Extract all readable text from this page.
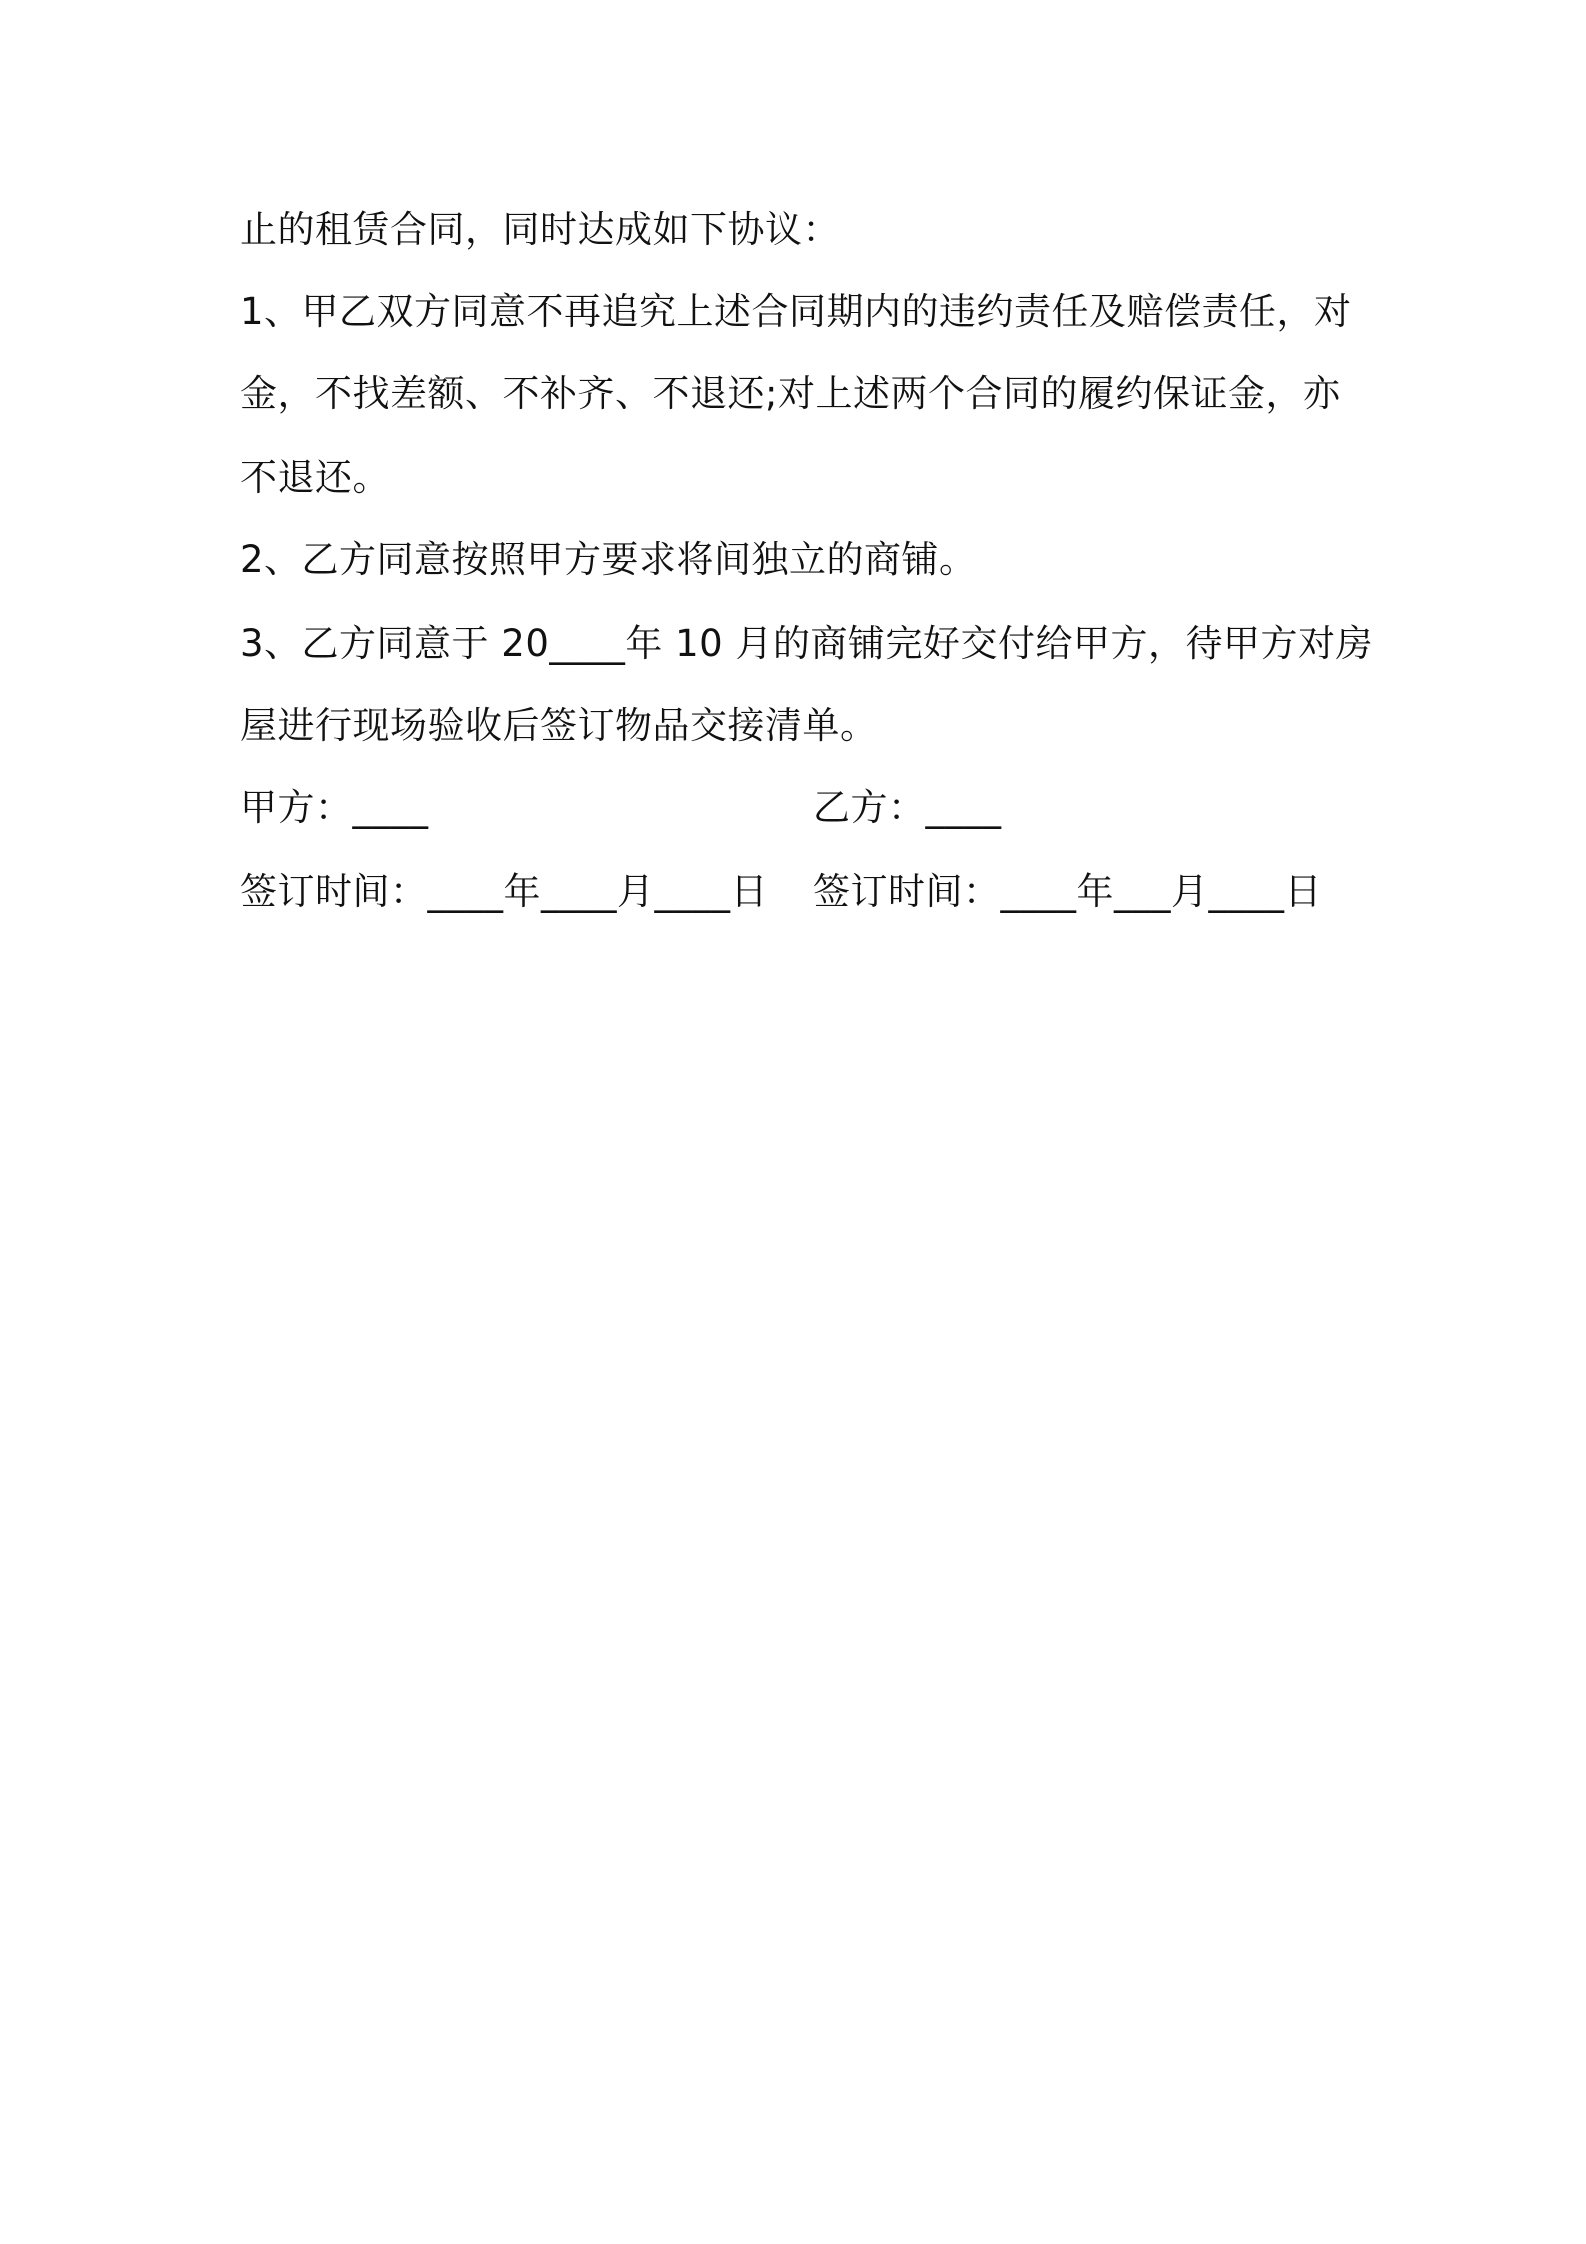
止的租赁合同，同时达成如下协议：
1、甲乙双方同意不再追究上述合同期内的违约责任及赔偿责任，对
金，不找差额、不补齐、不退还;对上述两个合同的履约保证金，亦
不退还。
2、乙方同意按照甲方要求将间独立的商铺。
3、乙方同意于 20____年 10 月的商铺完好交付给甲方，待甲方对房
屋进行现场验收后签订物品交接清单。
甲方：____	乙方：____
签订时间：____年____月____日 签订时间：____年___月____日
